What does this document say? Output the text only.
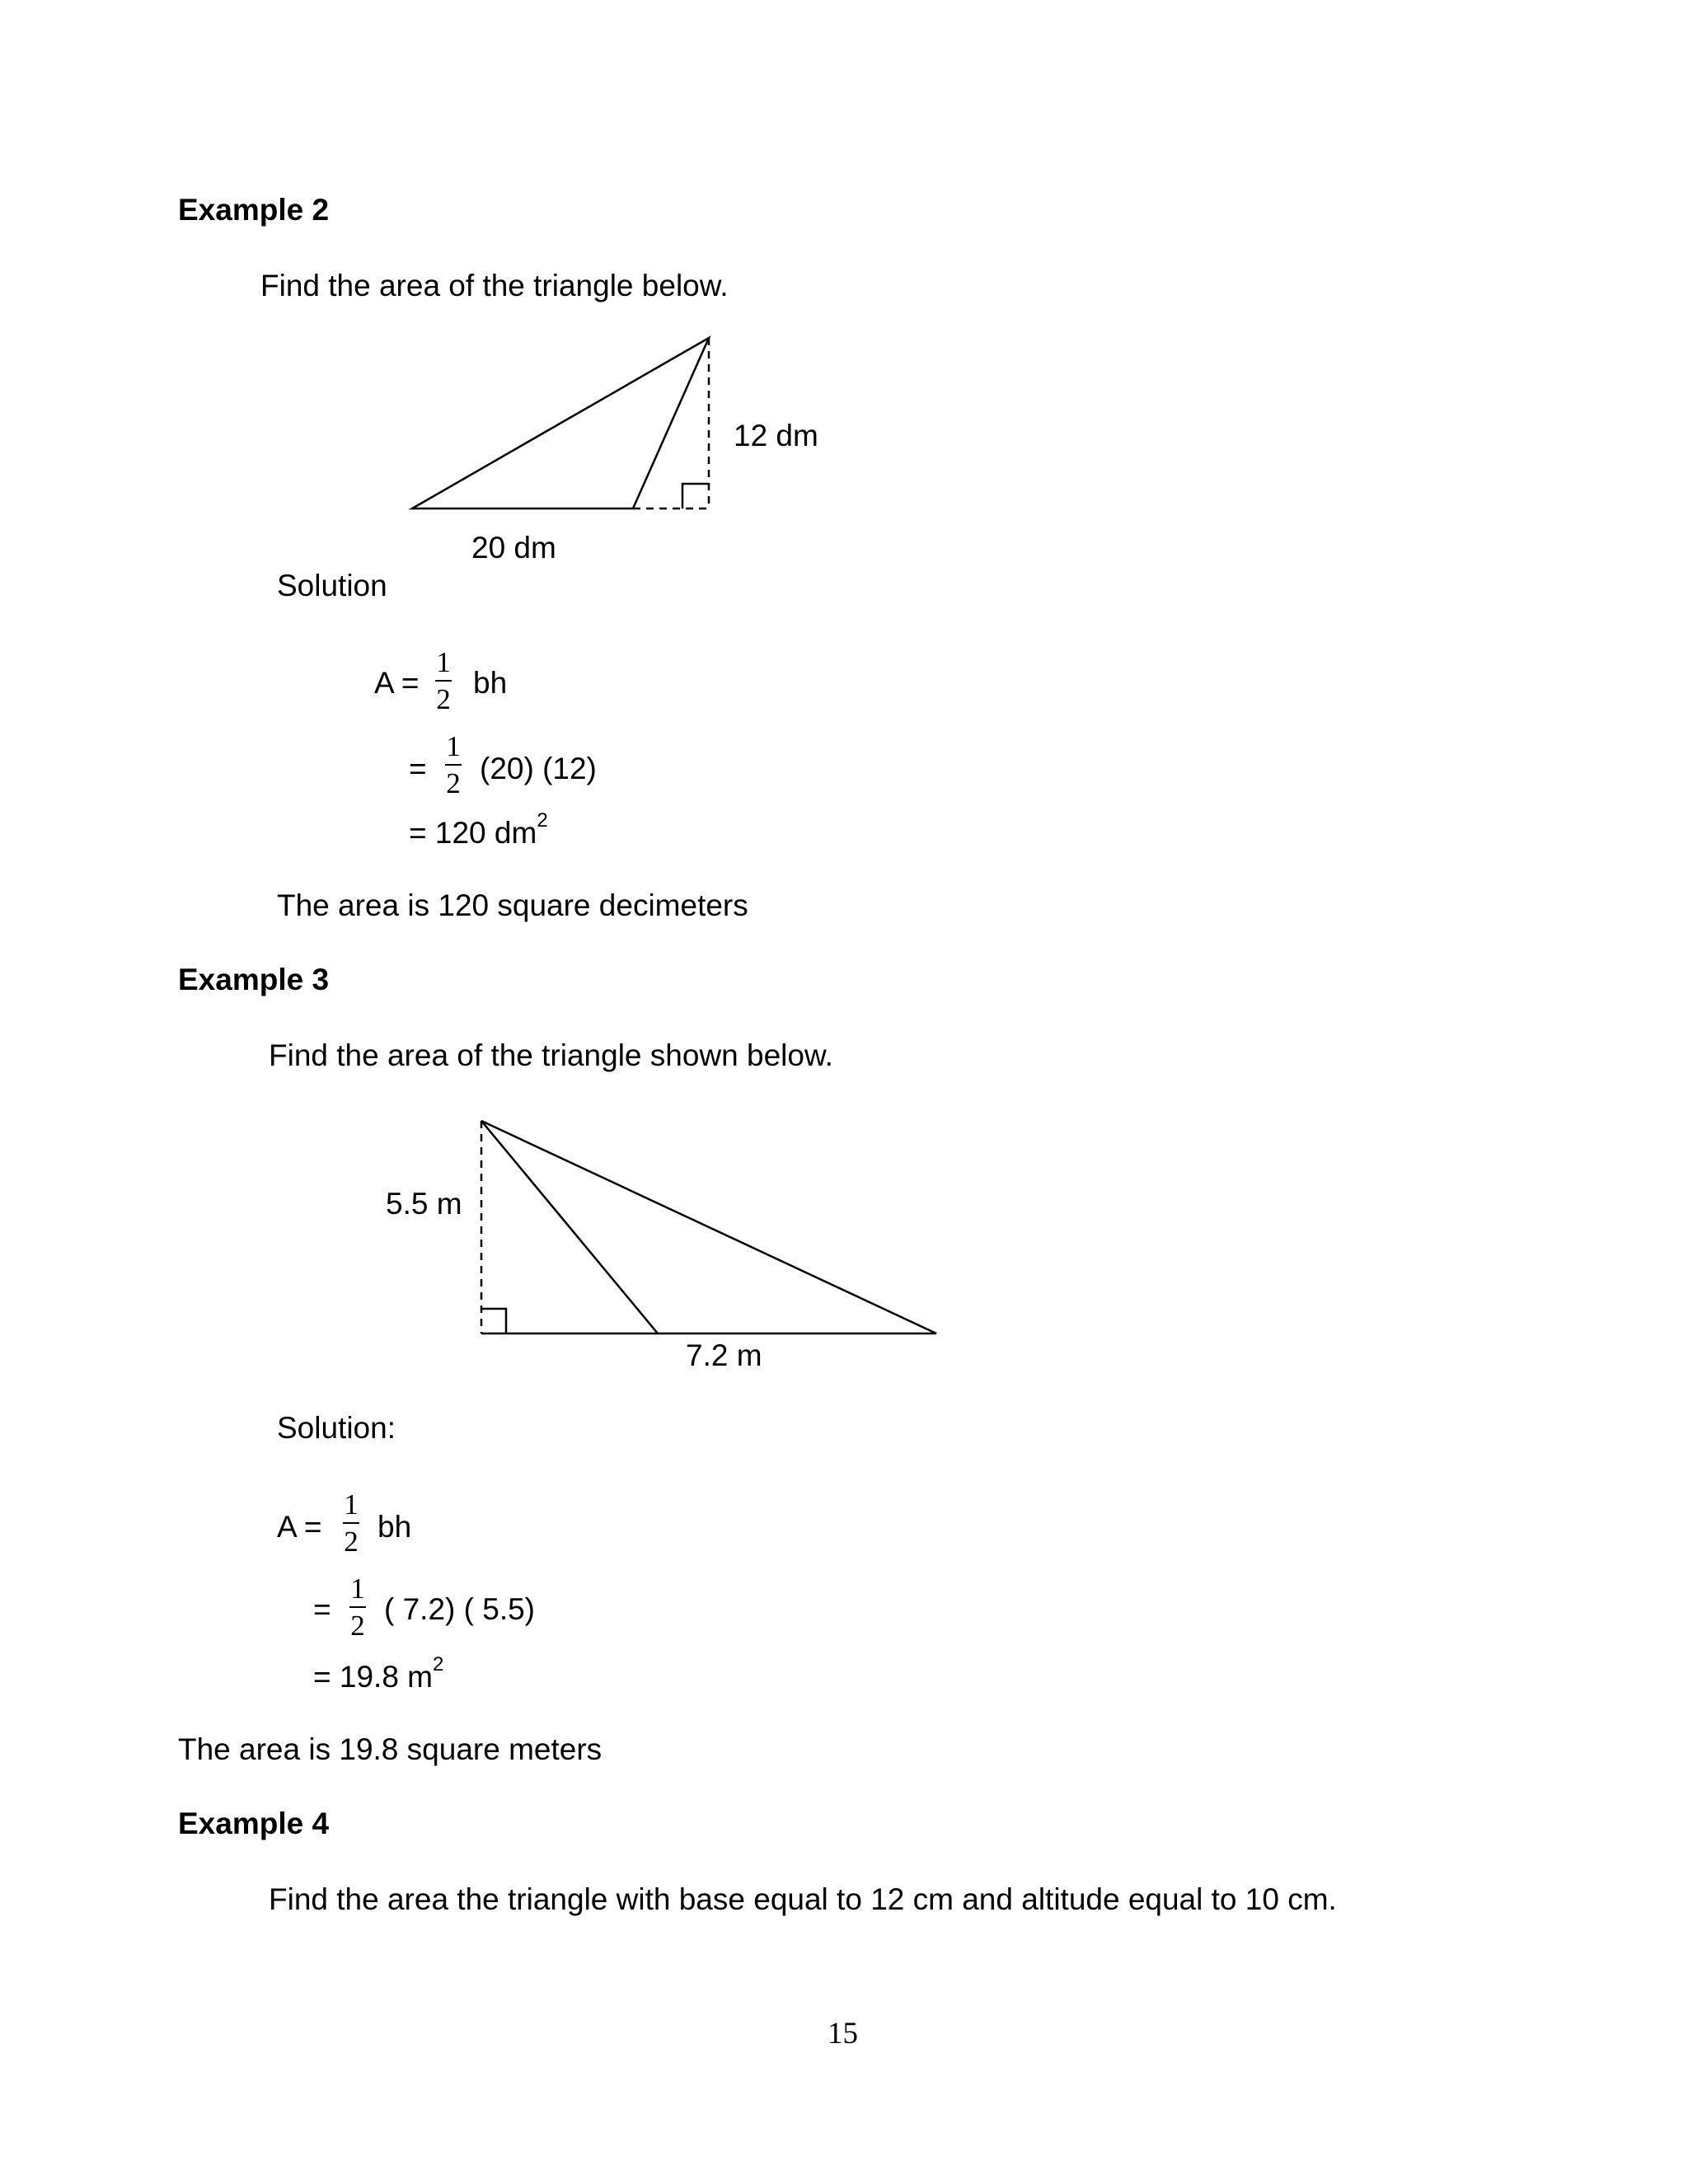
Example 2
Find the area of the triangle below.
12 dm
20 dm
Solution
A =
1
2 bh
=
1
2 (20) (12)
= 120 $dm^2$
The area is 120 square decimeters
Example 3
Find the area of the triangle shown below.
5.5 m
7.2 m
Solution:
A =
1
2 bh
=
1
2 ( 7.2) ( 5.5)
= 19.8 $m^2$
The area is 19.8 square meters
Example 4
Find the area the triangle with base equal to 12 cm and altitude equal to 10 cm.
15
